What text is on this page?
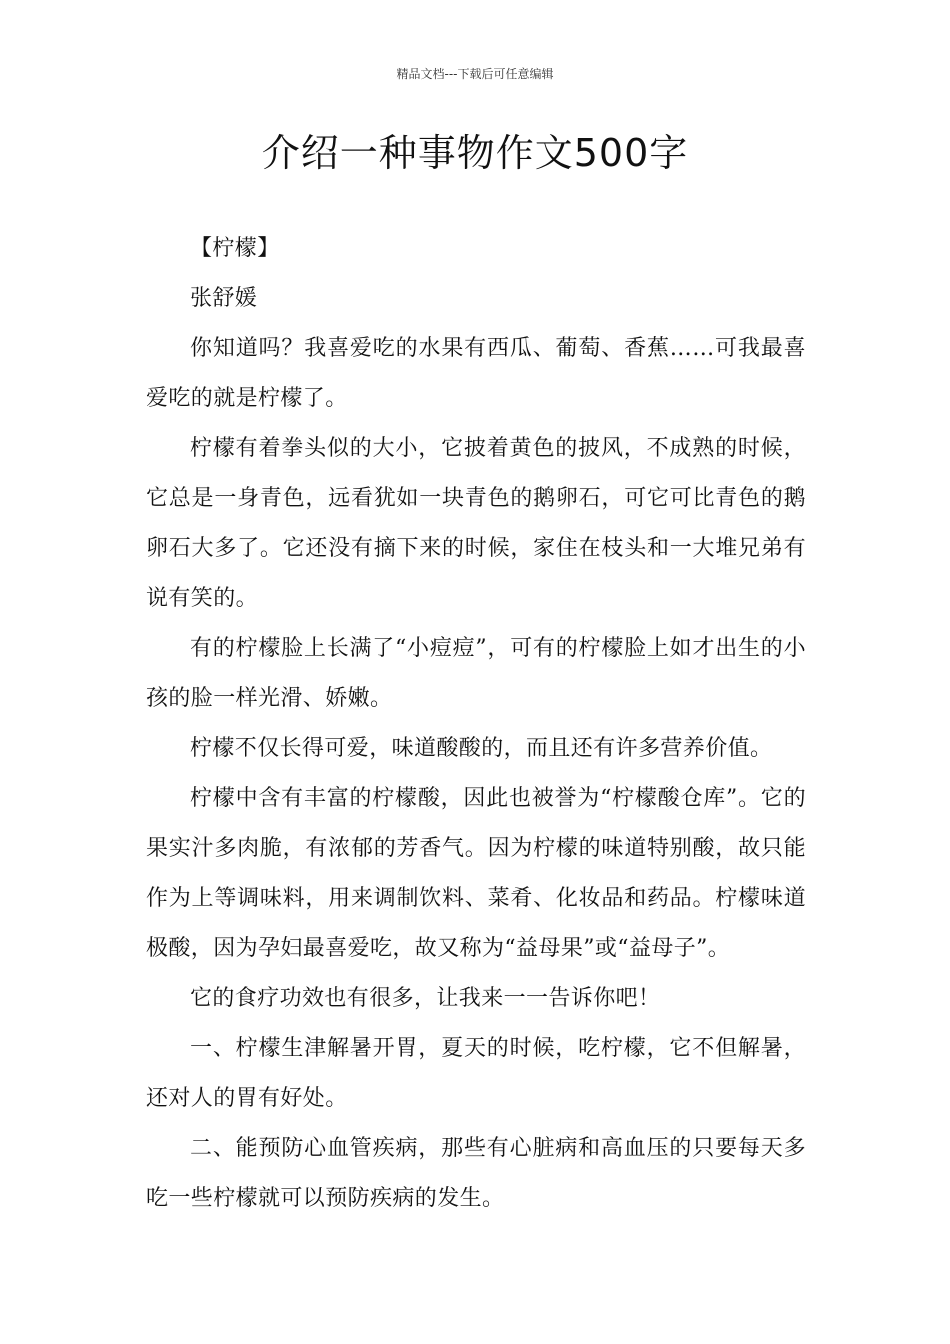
精品文档---下载后可任意编辑
介绍一种事物作文500字

【柠檬】

张舒媛

你知道吗？我喜爱吃的水果有西瓜、葡萄、香蕉……可我最喜爱吃的就是柠檬了。

柠檬有着拳头似的大小，它披着黄色的披风，不成熟的时候，它总是一身青色，远看犹如一块青色的鹅卵石，可它可比青色的鹅卵石大多了。它还没有摘下来的时候，家住在枝头和一大堆兄弟有说有笑的。

有的柠檬脸上长满了“小痘痘”，可有的柠檬脸上如才出生的小孩的脸一样光滑、娇嫩。

柠檬不仅长得可爱，味道酸酸的，而且还有许多营养价值。

柠檬中含有丰富的柠檬酸，因此也被誉为“柠檬酸仓库”。它的果实汁多肉脆，有浓郁的芳香气。因为柠檬的味道特别酸，故只能作为上等调味料，用来调制饮料、菜肴、化妆品和药品。柠檬味道极酸，因为孕妇最喜爱吃，故又称为“益母果”或“益母子”。

它的食疗功效也有很多，让我来一一告诉你吧！

一、柠檬生津解暑开胃，夏天的时候，吃柠檬，它不但解暑，还对人的胃有好处。

二、能预防心血管疾病，那些有心脏病和高血压的只要每天多吃一些柠檬就可以预防疾病的发生。
